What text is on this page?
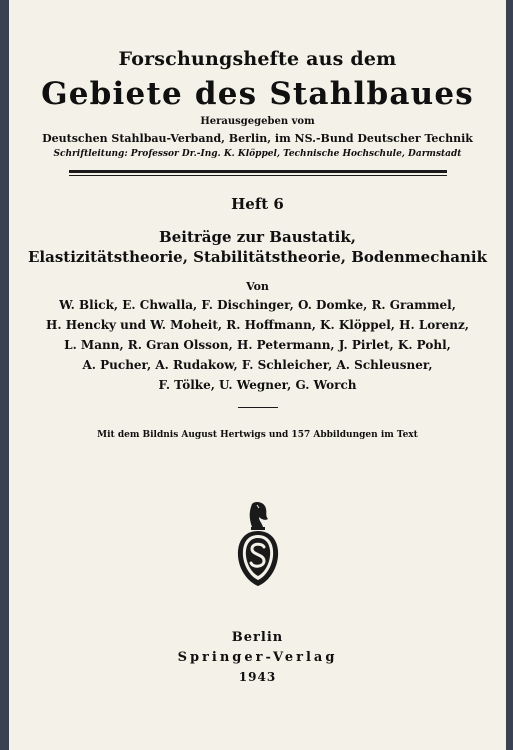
Forschungshefte aus dem
Gebiete des Stahlbaues
Herausgegeben vom
Deutschen Stahlbau-Verband, Berlin, im NS.-Bund Deutscher Technik
Schriftleitung: Professor Dr.-Ing. K. Klöppel, Technische Hochschule, Darmstadt
Heft 6
Beiträge zur Baustatik,
Elastizitätstheorie, Stabilitätstheorie, Bodenmechanik
Von
W. Blick, E. Chwalla, F. Dischinger, O. Domke, R. Grammel,
H. Hencky und W. Moheit, R. Hoffmann, K. Klöppel, H. Lorenz,
L. Mann, R. Gran Olsson, H. Petermann, J. Pirlet, K. Pohl,
A. Pucher, A. Rudakow, F. Schleicher, A. Schleusner,
F. Tölke, U. Wegner, G. Worch
Mit dem Bildnis August Hertwigs und 157 Abbildungen im Text
Berlin
Springer-Verlag
1943
